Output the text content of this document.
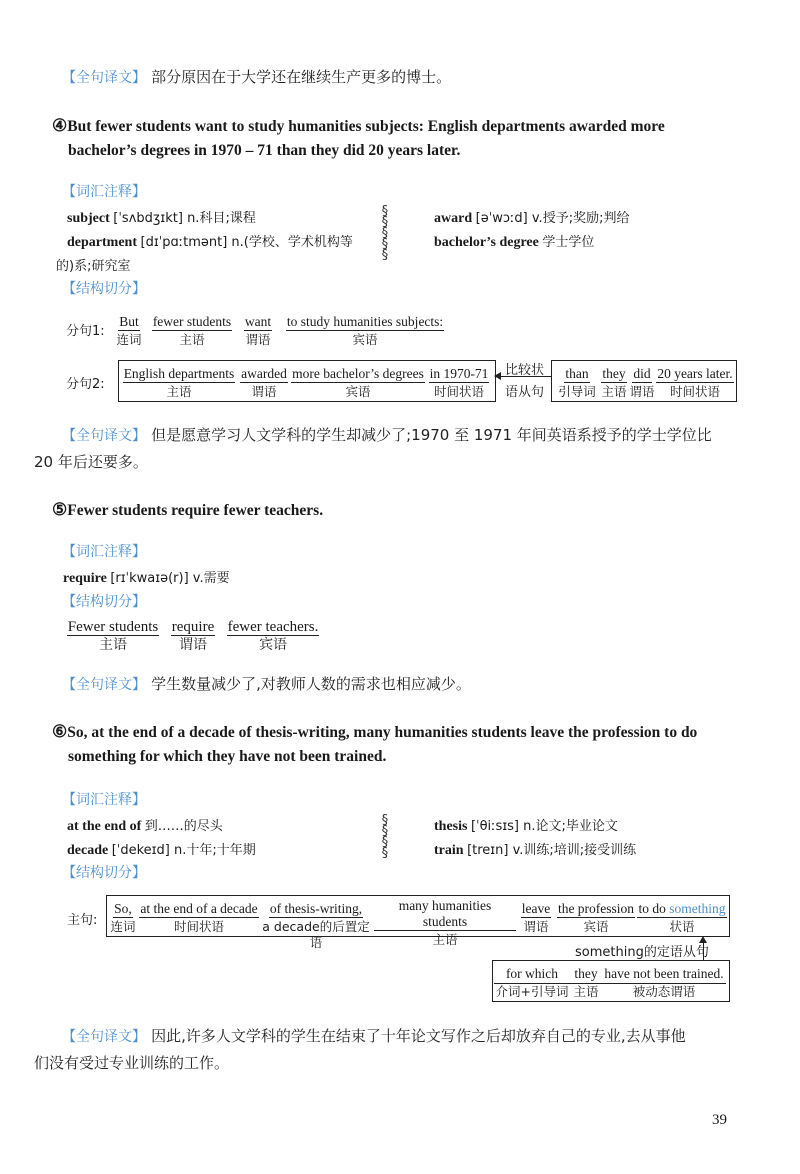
【全句译文】 部分原因在于大学还在继续生产更多的博士。
④But fewer students want to study humanities subjects: English departments awarded more
bachelor’s degrees in 1970 – 71 than they did 20 years later.
【词汇注释】
subject [ˈsʌbdʒɪkt] n.科目;课程
department [dɪˈpɑːtmənt] n.(学校、学术机构等
的)系;研究室
§
§
§
§
§
award [əˈwɔːd] v.授予;奖励;判给
bachelor’s degree 学士学位
【结构切分】
分句1:
But
连词
fewer students
主语
want
谓语
to study humanities subjects:
宾语
分句2:
English departments
主语
awarded
谓语
more bachelor’s degrees
宾语
in 1970-71
时间状语
比较状
语从句
than
引导词
they
主语
did
谓语
20 years later.
时间状语
【全句译文】 但是愿意学习人文学科的学生却减少了;1970 至 1971 年间英语系授予的学士学位比
20 年后还要多。
⑤Fewer students require fewer teachers.
【词汇注释】
require [rɪˈkwaɪə(r)] v.需要
【结构切分】
Fewer students
主语
require
谓语
fewer teachers.
宾语
【全句译文】 学生数量减少了,对教师人数的需求也相应减少。
⑥So, at the end of a decade of thesis-writing, many humanities students leave the profession to do
something for which they have not been trained.
【词汇注释】
at the end of 到……的尽头
decade [ˈdekeɪd] n.十年;十年期
§
§
§
§
thesis [ˈθiːsɪs] n.论文;毕业论文
train [treɪn] v.训练;培训;接受训练
【结构切分】
主句:
So,
连词
at the end of a decade
时间状语
of thesis-writing,
a decade的后置定语
many humanities students
主语
leave
谓语
the profession
宾语
to do something
状语
something的定语从句
for which
介词+引导词
they
主语
have not been trained.
被动态谓语
【全句译文】 因此,许多人文学科的学生在结束了十年论文写作之后却放弃自己的专业,去从事他
们没有受过专业训练的工作。
39
